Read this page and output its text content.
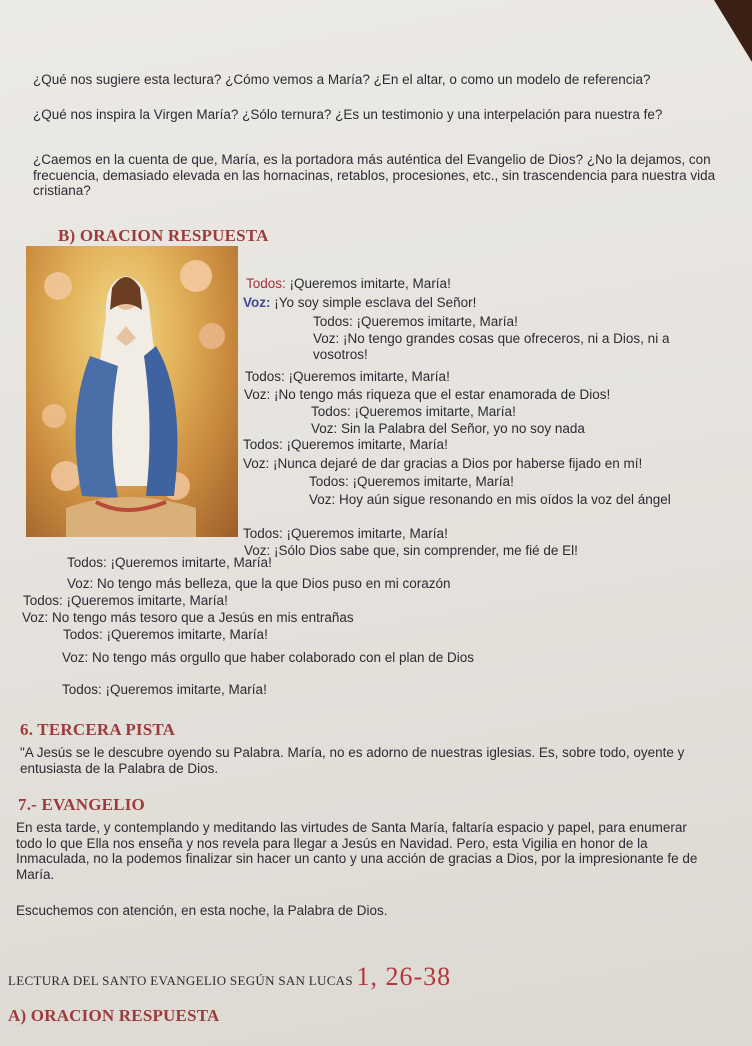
¿Qué nos sugiere esta lectura? ¿Cómo vemos a María? ¿En el altar, o como un modelo de referencia?

¿Qué nos inspira la Virgen María? ¿Sólo ternura? ¿Es un testimonio y una interpelación para nuestra fe?

¿Caemos en la cuenta de que, María, es la portadora más auténtica del Evangelio de Dios? ¿No la dejamos, con frecuencia, demasiado elevada en las hornacinas, retablos, procesiones, etc., sin trascendencia para nuestra vida cristiana?

B) ORACION RESPUESTA

Todos: ¡Queremos imitarte, María!

Voz: ¡Yo soy simple esclava del Señor!

Todos: ¡Queremos imitarte, María!

Voz: ¡No tengo grandes cosas que ofreceros, ni a Dios, ni a

vosotros!

Todos: ¡Queremos imitarte, María!

Voz: ¡No tengo más riqueza que el estar enamorada de Dios!

Todos: ¡Queremos imitarte, María!

Voz: Sin la Palabra del Señor, yo no soy nada

Todos: ¡Queremos imitarte, María!

Voz: ¡Nunca dejaré de dar gracias a Dios por haberse fijado en mí!

Todos: ¡Queremos imitarte, María!

Voz: Hoy aún sigue resonando en mis oídos la voz del ángel

Todos: ¡Queremos imitarte, María!

Voz: ¡Sólo Dios sabe que, sin comprender, me fié de El!

Todos: ¡Queremos imitarte, María!

Voz: No tengo más belleza, que la que Dios puso en mi corazón

Todos: ¡Queremos imitarte, María!

Voz: No tengo más tesoro que a Jesús en mis entrañas

Todos: ¡Queremos imitarte, María!

Voz: No tengo más orgullo que haber colaborado con el plan de Dios

Todos: ¡Queremos imitarte, María!

6. TERCERA PISTA

"A Jesús se le descubre oyendo su Palabra. María, no es adorno de nuestras iglesias. Es, sobre todo, oyente y entusiasta de la Palabra de Dios.

7.- EVANGELIO

En esta tarde, y contemplando y meditando las virtudes de Santa María, faltaría espacio y papel, para enumerar todo lo que Ella nos enseña y nos revela para llegar a Jesús en Navidad. Pero, esta Vigilia en honor de la Inmaculada, no la podemos finalizar sin hacer un canto y una acción de gracias a Dios, por la impresionante fe de María.

Escuchemos con atención, en esta noche, la Palabra de Dios.

LECTURA DEL SANTO EVANGELIO SEGÚN SAN LUCAS 1, 26-38

A) ORACION RESPUESTA
